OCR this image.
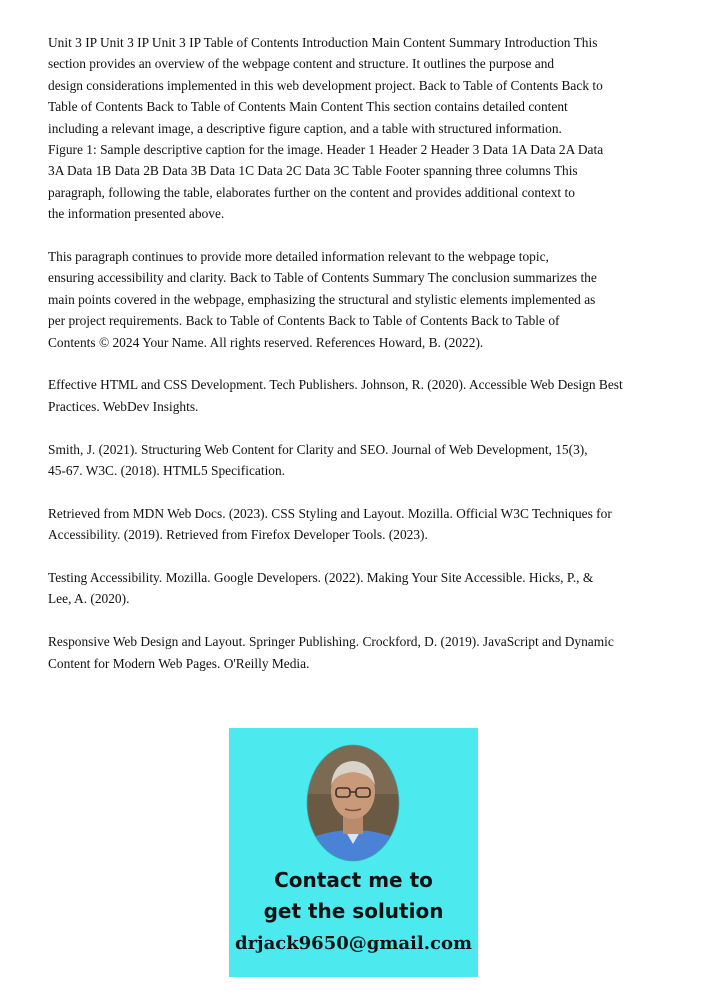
Unit 3 IP Unit 3 IP Unit 3 IP Table of Contents Introduction Main Content Summary Introduction This
section provides an overview of the webpage content and structure. It outlines the purpose and
design considerations implemented in this web development project. Back to Table of Contents Back to
Table of Contents Back to Table of Contents Main Content This section contains detailed content
including a relevant image, a descriptive figure caption, and a table with structured information.
Figure 1: Sample descriptive caption for the image. Header 1 Header 2 Header 3 Data 1A Data 2A Data
3A Data 1B Data 2B Data 3B Data 1C Data 2C Data 3C Table Footer spanning three columns This
paragraph, following the table, elaborates further on the content and provides additional context to
the information presented above.

This paragraph continues to provide more detailed information relevant to the webpage topic,
ensuring accessibility and clarity. Back to Table of Contents Summary The conclusion summarizes the
main points covered in the webpage, emphasizing the structural and stylistic elements implemented as
per project requirements. Back to Table of Contents Back to Table of Contents Back to Table of
Contents © 2024 Your Name. All rights reserved. References Howard, B. (2022).

Effective HTML and CSS Development. Tech Publishers. Johnson, R. (2020). Accessible Web Design Best
Practices. WebDev Insights.

Smith, J. (2021). Structuring Web Content for Clarity and SEO. Journal of Web Development, 15(3),
45-67. W3C. (2018). HTML5 Specification.

Retrieved from MDN Web Docs. (2023). CSS Styling and Layout. Mozilla. Official W3C Techniques for
Accessibility. (2019). Retrieved from Firefox Developer Tools. (2023).

Testing Accessibility. Mozilla. Google Developers. (2022). Making Your Site Accessible. Hicks, P., &
Lee, A. (2020).

Responsive Web Design and Layout. Springer Publishing. Crockford, D. (2019). JavaScript and Dynamic
Content for Modern Web Pages. O'Reilly Media.

Contact me to
get the solution
drjack9650@gmail.com
